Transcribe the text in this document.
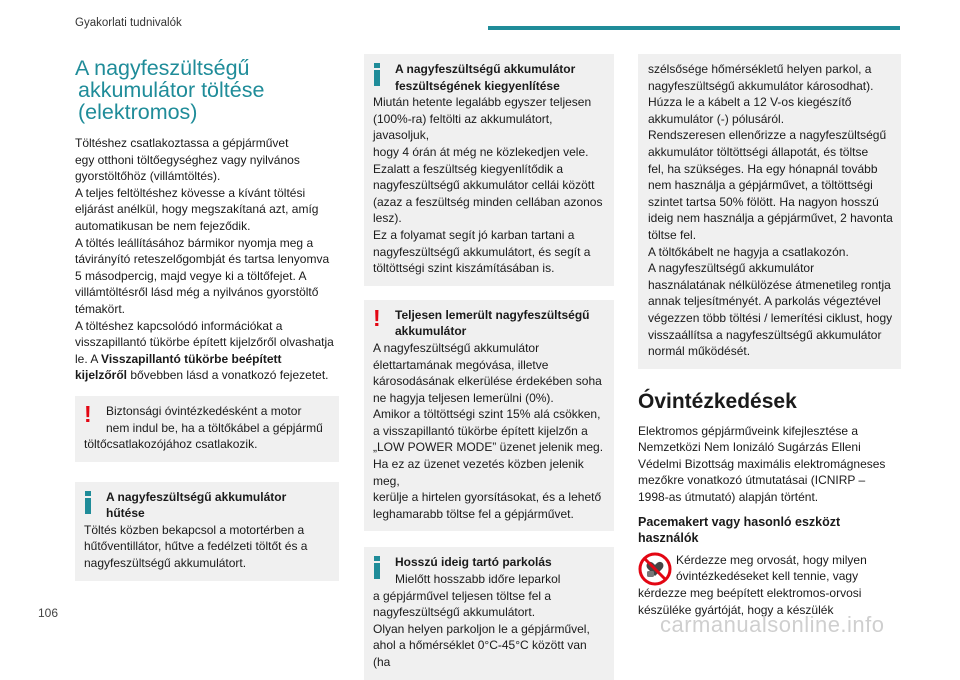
Gyakorlati tudnivalók
A nagyfeszültségű
akkumulátor töltése
(elektromos)

Töltéshez csatlakoztassa a gépjárművet

egy otthoni töltőegységhez vagy nyilvános

gyorstöltőhöz (villámtöltés).

A teljes feltöltéshez kövesse a kívánt töltési

eljárást anélkül, hogy megszakítaná azt, amíg

automatikusan be nem fejeződik.

A töltés leállításához bármikor nyomja meg a

távirányító reteszelőgombját és tartsa lenyomva

5 másodpercig, majd vegye ki a töltőfejet. A

villámtöltésről lásd még a nyilvános gyorstöltő

témakört.

A töltéshez kapcsolódó információkat a

visszapillantó tükörbe épített kijelzőről olvashatja

le. A Visszapillantó tükörbe beépített

kijelzőről bővebben lásd a vonatkozó fejezetet.

!	Biztonsági óvintézkedésként a motor

nem indul be, ha a töltőkábel a gépjármű

töltőcsatlakozójához csatlakozik.

A nagyfeszültségű akkumulátor
hűtése

Töltés közben bekapcsol a motortérben a

hűtőventillátor, hűtve a fedélzeti töltőt és a

nagyfeszültségű akkumulátort.

A nagyfeszültségű akkumulátor
feszültségének kiegyenlítése

Miután hetente legalább egyszer teljesen

(100%-ra) feltölti az akkumulátort, javasoljuk,

hogy 4 órán át még ne közlekedjen vele.

Ezalatt a feszültség kiegyenlítődik a

nagyfeszültségű akkumulátor cellái között

(azaz a feszültség minden cellában azonos

lesz).

Ez a folyamat segít jó karban tartani a

nagyfeszültségű akkumulátort, és segít a

töltöttségi szint kiszámításában is.

!	Teljesen lemerült nagyfeszültségű
akkumulátor

A nagyfeszültségű akkumulátor

élettartamának megóvása, illetve

károsodásának elkerülése érdekében soha

ne hagyja teljesen lemerülni (0%).

Amikor a töltöttségi szint 15% alá csökken,

a visszapillantó tükörbe épített kijelzőn a

„LOW POWER MODE” üzenet jelenik meg.

Ha ez az üzenet vezetés közben jelenik meg,

kerülje a hirtelen gyorsításokat, és a lehető

leghamarabb töltse fel a gépjárművet.

Hosszú ideig tartó parkolás

Mielőtt hosszabb időre leparkol

a gépjárművel teljesen töltse fel a

nagyfeszültségű akkumulátort.

Olyan helyen parkoljon le a gépjárművel,

ahol a hőmérséklet 0°C-45°C között van (ha

szélsősége hőmérsékletű helyen parkol, a

nagyfeszültségű akkumulátor károsodhat).

Húzza le a kábelt a 12 V-os kiegészítő

akkumulátor (-) pólusáról.

Rendszeresen ellenőrizze a nagyfeszültségű

akkumulátor töltöttségi állapotát, és töltse

fel, ha szükséges. Ha egy hónapnál tovább

nem használja a gépjárművet, a töltöttségi

szintet tartsa 50% fölött. Ha nagyon hosszú

ideig nem használja a gépjárművet, 2 havonta

töltse fel.

A töltőkábelt ne hagyja a csatlakozón.

A nagyfeszültségű akkumulátor

használatának nélkülözése átmenetileg rontja

annak teljesítményét. A parkolás végeztével

végezzen több töltési / lemerítési ciklust, hogy

visszaállítsa a nagyfeszültségű akkumulátor

normál működését.

Óvintézkedések

Elektromos gépjárműveink kifejlesztése a

Nemzetközi Nem Ionizáló Sugárzás Elleni

Védelmi Bizottság maximális elektromágneses

mezőkre vonatkozó útmutatásai (ICNIRP –

1998-as útmutató) alapján történt.

Pacemakert vagy hasonló eszközt
használók

Kérdezze meg orvosát, hogy milyen

óvintézkedéseket kell tennie, vagy

kérdezze meg beépített elektromos-orvosi

készüléke gyártóját, hogy a készülék

106	carmanualsonline.info
